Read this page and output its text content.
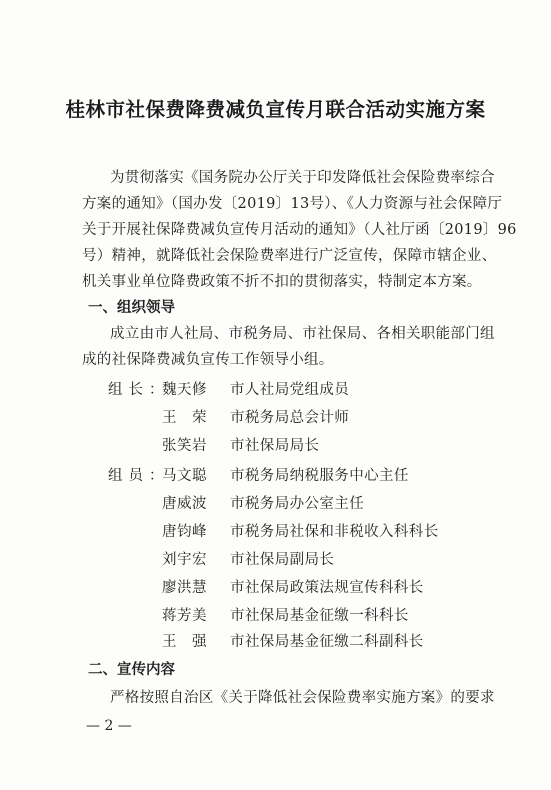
桂林市社保费降费减负宣传月联合活动实施方案

为贯彻落实《国务院办公厅关于印发降低社会保险费率综合

方案的通知》（国办发〔2019〕13号）、《人力资源与社会保障厅

关于开展社保降费减负宣传月活动的通知》（人社厅函〔2019〕96

号）精神，就降低社会保险费率进行广泛宣传，保障市辖企业、

机关事业单位降费政策不折不扣的贯彻落实，特制定本方案。

一、组织领导

成立由市人社局、市税务局、市社保局、各相关职能部门组

成的社保降费减负宣传工作领导小组。

组长：
魏天修 市人社局党组成员
王　荣 市税务局总会计师
张笑岩 市社保局局长
组员：
马文聪 市税务局纳税服务中心主任
唐威波 市税务局办公室主任
唐钧峰 市税务局社保和非税收入科科长
刘宇宏 市社保局副局长
廖洪慧 市社保局政策法规宣传科科长
蒋芳美 市社保局基金征缴一科科长
王　强 市社保局基金征缴二科副科长
二、宣传内容

严格按照自治区《关于降低社会保险费率实施方案》的要求

— 2 —
